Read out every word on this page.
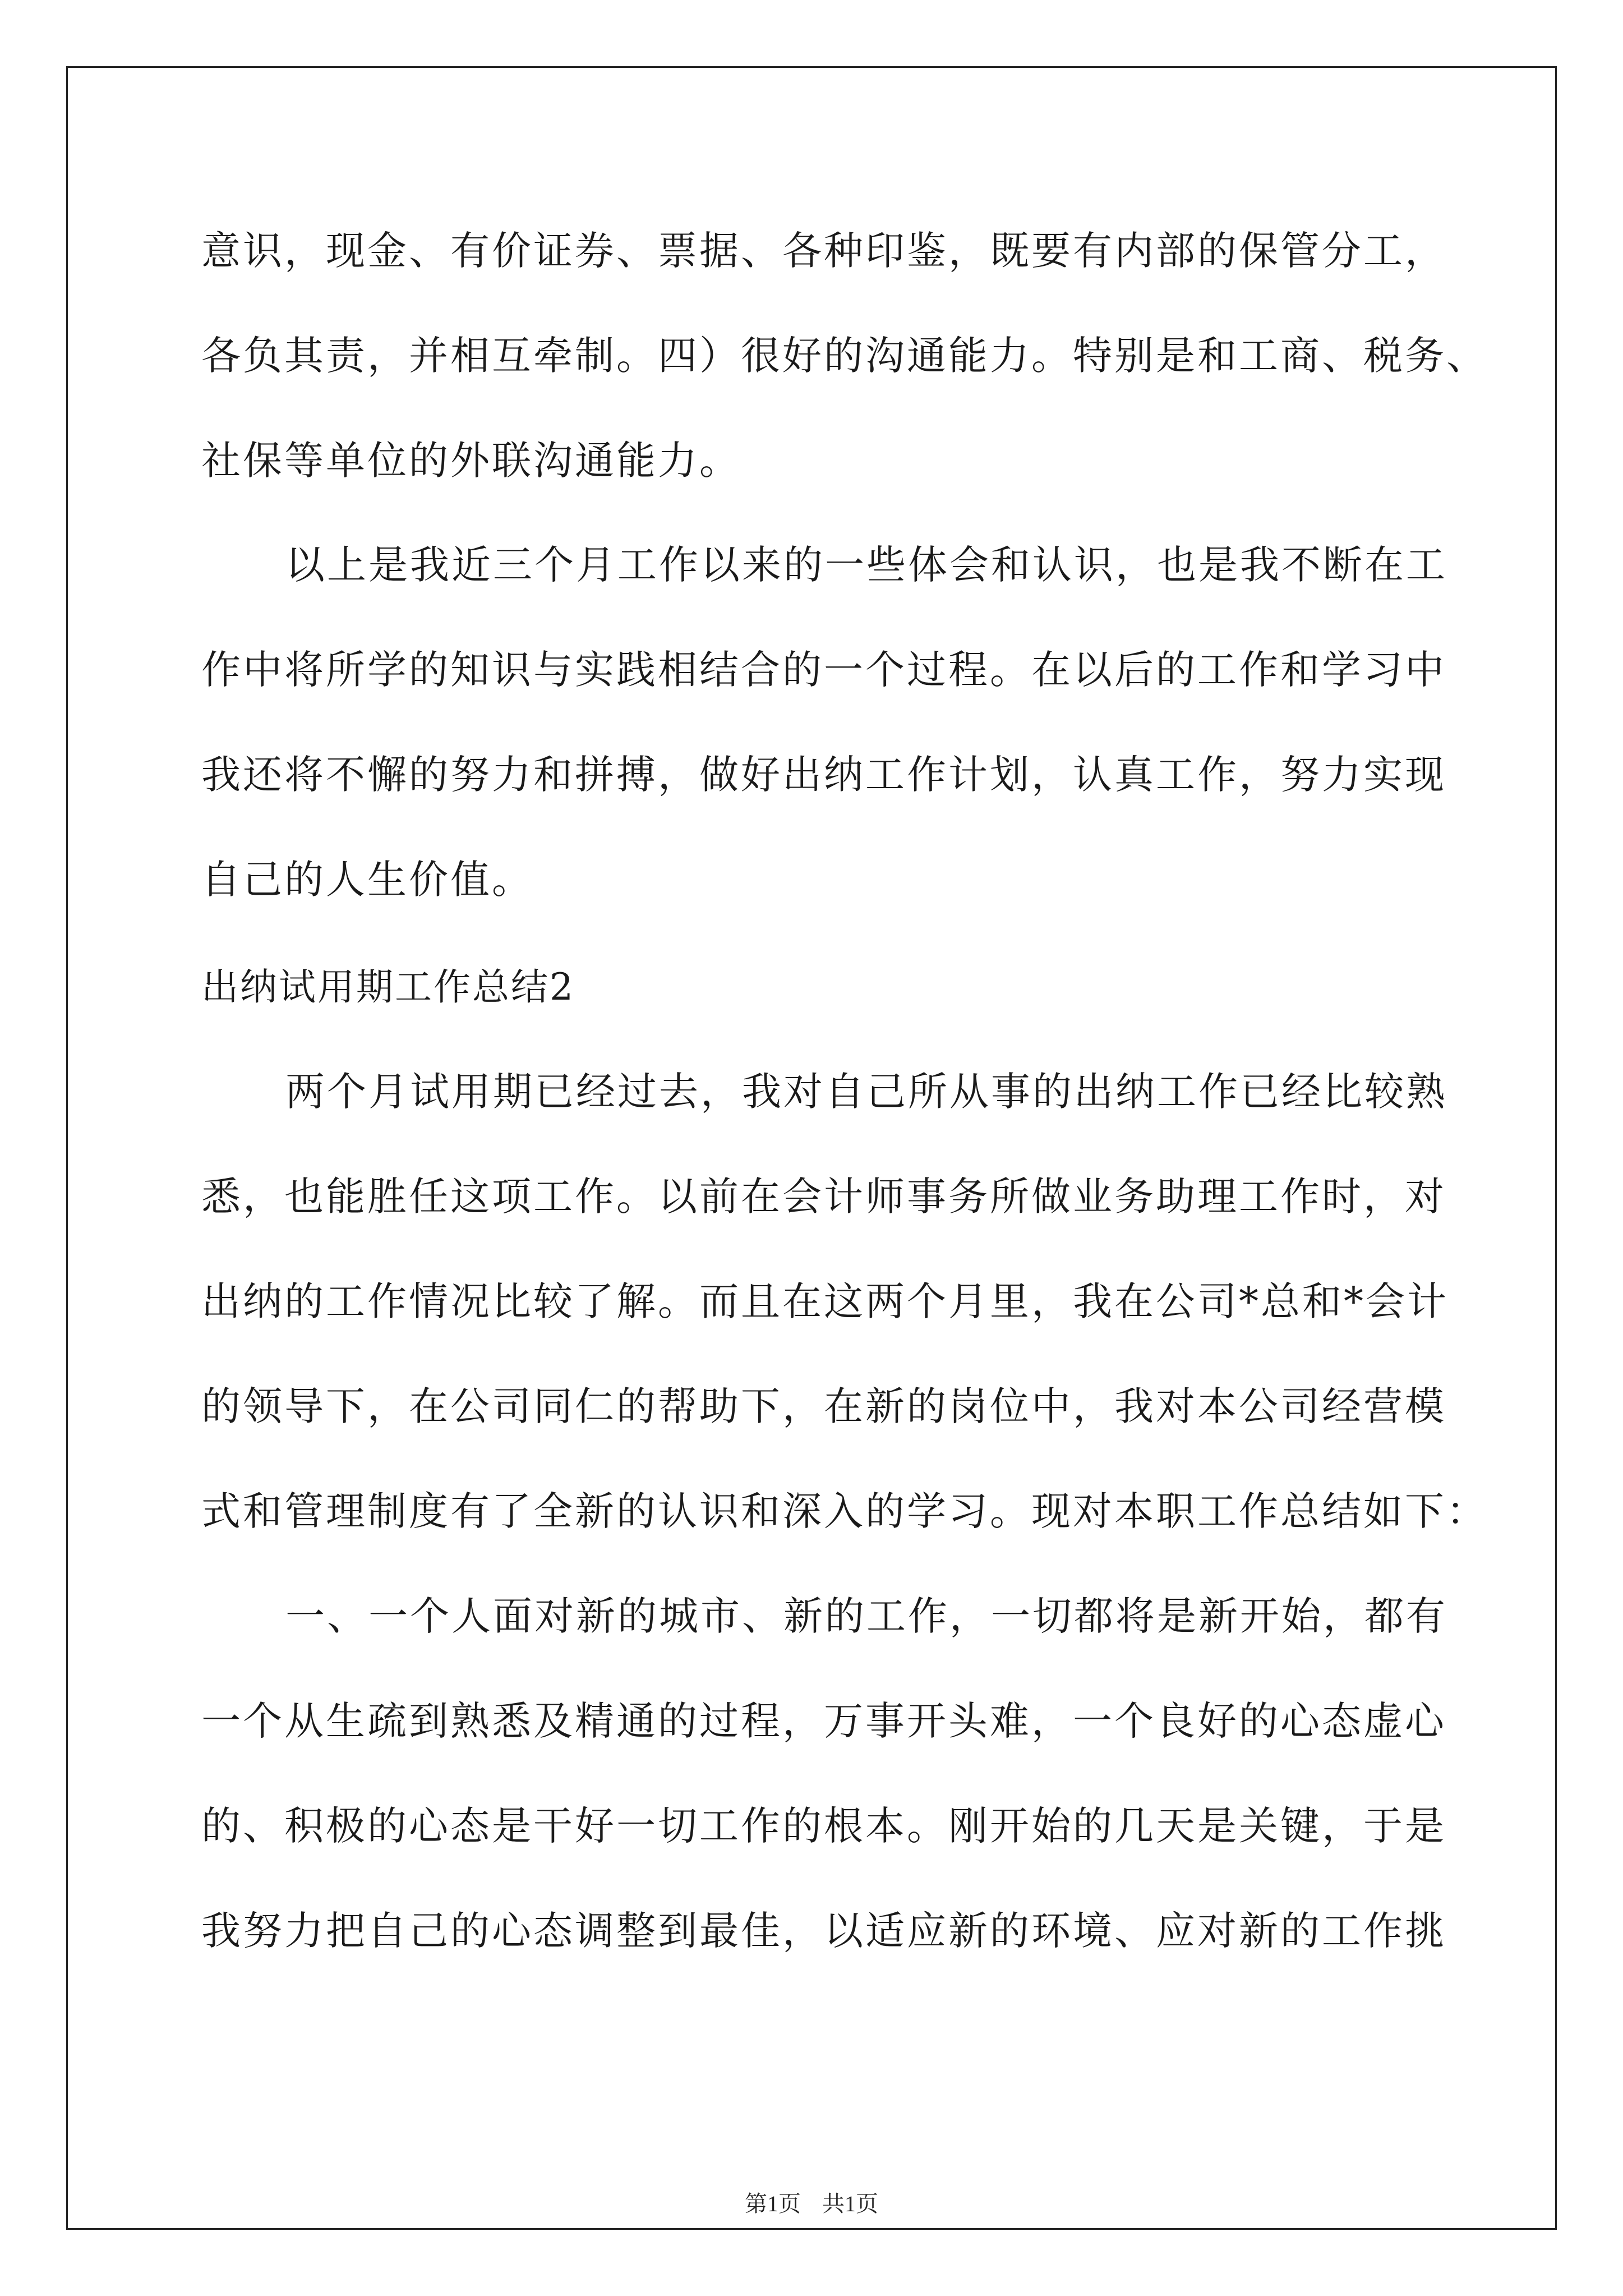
意识，现金、有价证券、票据、各种印鉴，既要有内部的保管分工，
各负其责，并相互牵制。四）很好的沟通能力。特别是和工商、税务、
社保等单位的外联沟通能力。
以上是我近三个月工作以来的一些体会和认识，也是我不断在工
作中将所学的知识与实践相结合的一个过程。在以后的工作和学习中
我还将不懈的努力和拼搏，做好出纳工作计划，认真工作，努力实现
自己的人生价值。
出纳试用期工作总结2
两个月试用期已经过去，我对自己所从事的出纳工作已经比较熟
悉，也能胜任这项工作。以前在会计师事务所做业务助理工作时，对
出纳的工作情况比较了解。而且在这两个月里，我在公司*总和*会计
的领导下，在公司同仁的帮助下，在新的岗位中，我对本公司经营模
式和管理制度有了全新的认识和深入的学习。现对本职工作总结如下：
一、一个人面对新的城市、新的工作，一切都将是新开始，都有
一个从生疏到熟悉及精通的过程，万事开头难，一个良好的心态虚心
的、积极的心态是干好一切工作的根本。刚开始的几天是关键，于是
我努力把自己的心态调整到最佳，以适应新的环境、应对新的工作挑
第1页 共1页
